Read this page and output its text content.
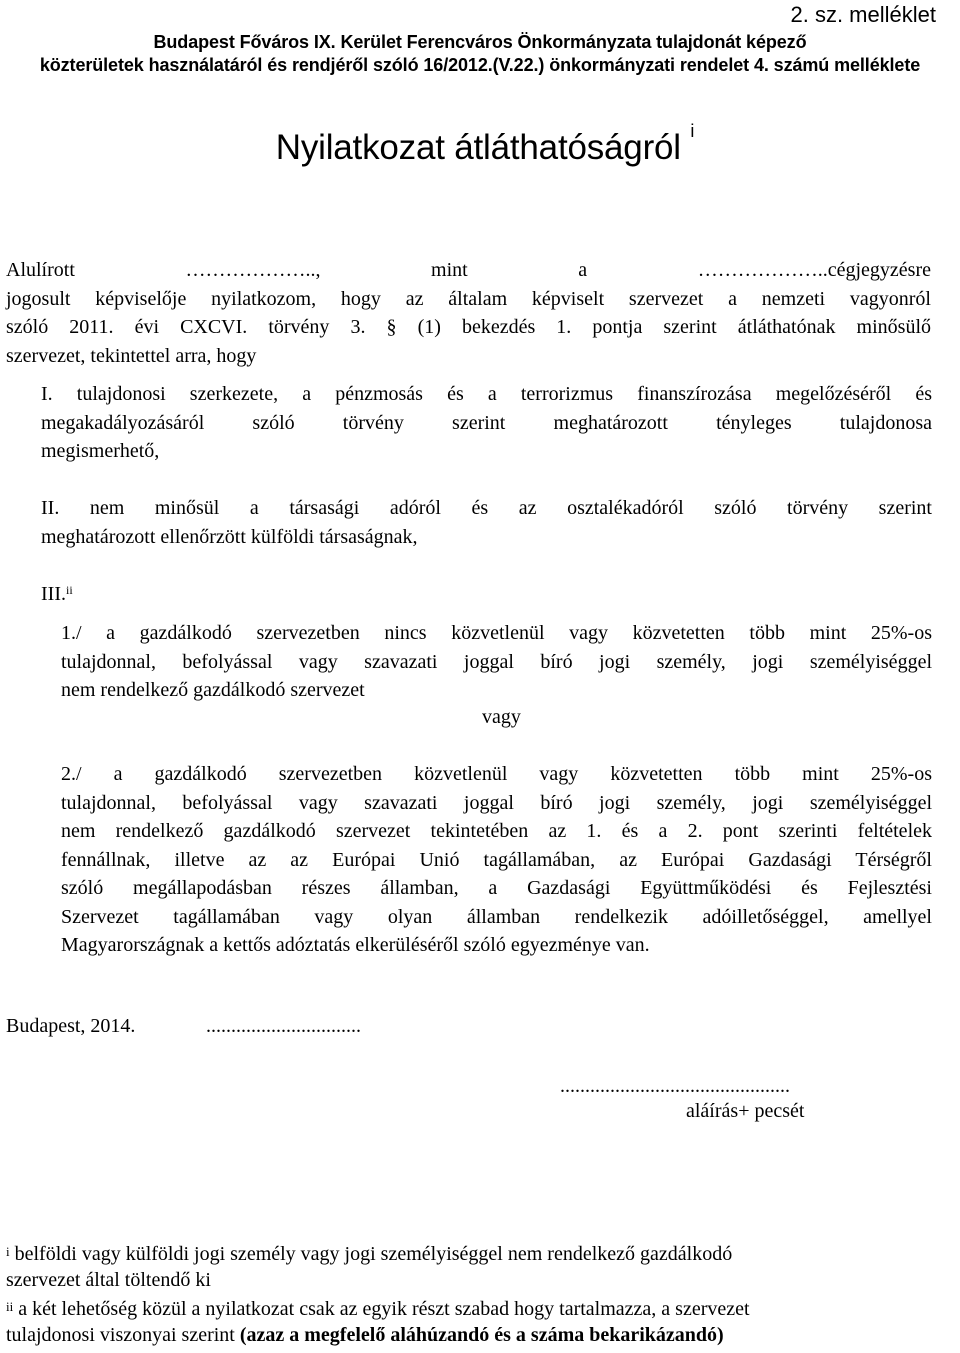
2. sz. melléklet
Budapest Főváros IX. Kerület Ferencváros Önkormányzata tulajdonát képező
közterületek használatáról és rendjéről szóló 16/2012.(V.22.) önkormányzati rendelet 4. számú melléklete
Nyilatkozat átláthatóságról $^i$
Alulírott ……………….., mint a ………………..cégjegyzésre
jogosult képviselője nyilatkozom, hogy az általam képviselt szervezet a nemzeti vagyonról
szóló 2011. évi CXCVI. törvény 3. § (1) bekezdés 1. pontja szerint átláthatónak minősülő
szervezet, tekintettel arra, hogy
I. tulajdonosi szerkezete, a pénzmosás és a terrorizmus finanszírozása megelőzéséről és
megakadályozásáról szóló törvény szerint meghatározott tényleges tulajdonosa
megismerhető,
II. nem minősül a társasági adóról és az osztalékadóról szóló törvény szerint
meghatározott ellenőrzött külföldi társaságnak,
III.$^{ii}$
1./ a gazdálkodó szervezetben nincs közvetlenül vagy közvetetten több mint 25%-os
tulajdonnal, befolyással vagy szavazati joggal bíró jogi személy, jogi személyiséggel
nem rendelkező gazdálkodó szervezet
vagy
2./ a gazdálkodó szervezetben közvetlenül vagy közvetetten több mint 25%-os
tulajdonnal, befolyással vagy szavazati joggal bíró jogi személy, jogi személyiséggel
nem rendelkező gazdálkodó szervezet tekintetében az 1. és a 2. pont szerinti feltételek
fennállnak, illetve az az Európai Unió tagállamában, az Európai Gazdasági Térségről
szóló megállapodásban részes államban, a Gazdasági Együttműködési és Fejlesztési
Szervezet tagállamában vagy olyan államban rendelkezik adóilletőséggel, amellyel
Magyarországnak a kettős adóztatás elkerüléséről szóló egyezménye van.
Budapest, 2014.	...............................
..............................................
aláírás+ pecsét
$^i$ belföldi vagy külföldi jogi személy vagy jogi személyiséggel nem rendelkező gazdálkodó
szervezet által töltendő ki
$^{ii}$ a két lehetőség közül a nyilatkozat csak az egyik részt szabad hogy tartalmazza, a szervezet
tulajdonosi viszonyai szerint (azaz a megfelelő aláhúzandó és a száma bekarikázandó)
